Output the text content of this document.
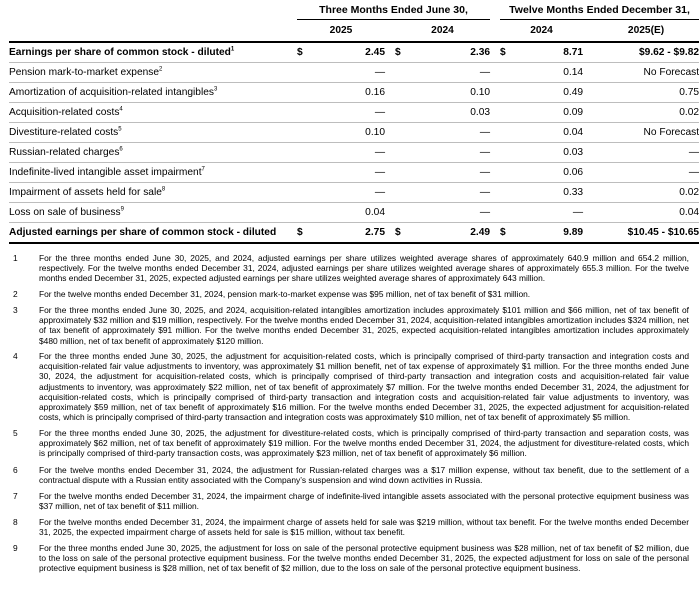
	Three Months Ended June 30,						Twelve Months Ended December 31,				
	2025			2024			2024			2025(E)	
Earnings per share of common stock - diluted$^1$	$	2.45		$	2.36		$	8.71			$9.62 - $9.82
Pension mark-to-market expense$^2$		—			—			0.14			No Forecast
Amortization of acquisition-related intangibles$^3$		0.16			0.10			0.49			0.75
Acquisition-related costs$^4$		—			0.03			0.09			0.02
Divestiture-related costs$^5$		0.10			—			0.04			No Forecast
Russian-related charges$^6$		—			—			0.03			—
Indefinite-lived intangible asset impairment$^7$		—			—			0.06			—
Impairment of assets held for sale$^8$		—			—			0.33			0.02
Loss on sale of business$^9$		0.04			—			—			0.04
Adjusted earnings per share of common stock - diluted	$	2.75		$	2.49		$	9.89			$10.45 - $10.65
1	For the three months ended June 30, 2025, and 2024, adjusted earnings per share utilizes weighted average shares of approximately 640.9 million and 654.2 million, respectively. For the twelve months ended December 31, 2024, adjusted earnings per share utilizes weighted average shares of approximately 655.3 million. For the twelve months ended December 31, 2025, expected adjusted earnings per share utilizes weighted average shares of approximately 643 million.
2	For the twelve months ended December 31, 2024, pension mark-to-market expense was $95 million, net of tax benefit of $31 million.
3	For the three months ended June 30, 2025, and 2024, acquisition-related intangibles amortization includes approximately $101 million and $66 million, net of tax benefit of approximately $32 million and $19 million, respectively. For the twelve months ended December 31, 2024, acquisition-related intangibles amortization includes $324 million, net of tax benefit of approximately $91 million. For the twelve months ended December 31, 2025, expected acquisition-related intangibles amortization includes approximately $480 million, net of tax benefit of approximately $120 million.
4	For the three months ended June 30, 2025, the adjustment for acquisition-related costs, which is principally comprised of third-party transaction and integration costs and acquisition-related fair value adjustments to inventory, was approximately $1 million benefit, net of tax expense of approximately $1 million. For the three months ended June 30, 2024, the adjustment for acquisition-related costs, which is principally comprised of third-party transaction and integration costs and acquisition-related fair value adjustments to inventory, was approximately $22 million, net of tax benefit of approximately $7 million. For the twelve months ended December 31, 2024, the adjustment for acquisition-related costs, which is principally comprised of third-party transaction and integration costs and acquisition-related fair value adjustments to inventory, was approximately $59 million, net of tax benefit of approximately $16 million. For the twelve months ended December 31, 2025, the expected adjustment for acquisition-related costs, which is principally comprised of third-party transaction and integration costs was approximately $10 million, net of tax benefit of approximately $5 million.
5	For the three months ended June 30, 2025, the adjustment for divestiture-related costs, which is principally comprised of third-party transaction and separation costs, was approximately $62 million, net of tax benefit of approximately $19 million. For the twelve months ended December 31, 2024, the adjustment for divestiture-related costs, which is principally comprised of third-party transaction costs, was approximately $23 million, net of tax benefit of approximately $6 million.
6	For the twelve months ended December 31, 2024, the adjustment for Russian-related charges was a $17 million expense, without tax benefit, due to the settlement of a contractual dispute with a Russian entity associated with the Company’s suspension and wind down activities in Russia.
7	For the twelve months ended December 31, 2024, the impairment charge of indefinite-lived intangible assets associated with the personal protective equipment business was $37 million, net of tax benefit of $11 million.
8	For the twelve months ended December 31, 2024, the impairment charge of assets held for sale was $219 million, without tax benefit. For the twelve months ended December 31, 2025, the expected impairment charge of assets held for sale is $15 million, without tax benefit.
9	For the three months ended June 30, 2025, the adjustment for loss on sale of the personal protective equipment business was $28 million, net of tax benefit of $2 million, due to the loss on sale of the personal protective equipment business. For the twelve months ended December 31, 2025, the expected adjustment for loss on sale of the personal protective equipment business is $28 million, net of tax benefit of $2 million, due to the loss on sale of the personal protective equipment business.
